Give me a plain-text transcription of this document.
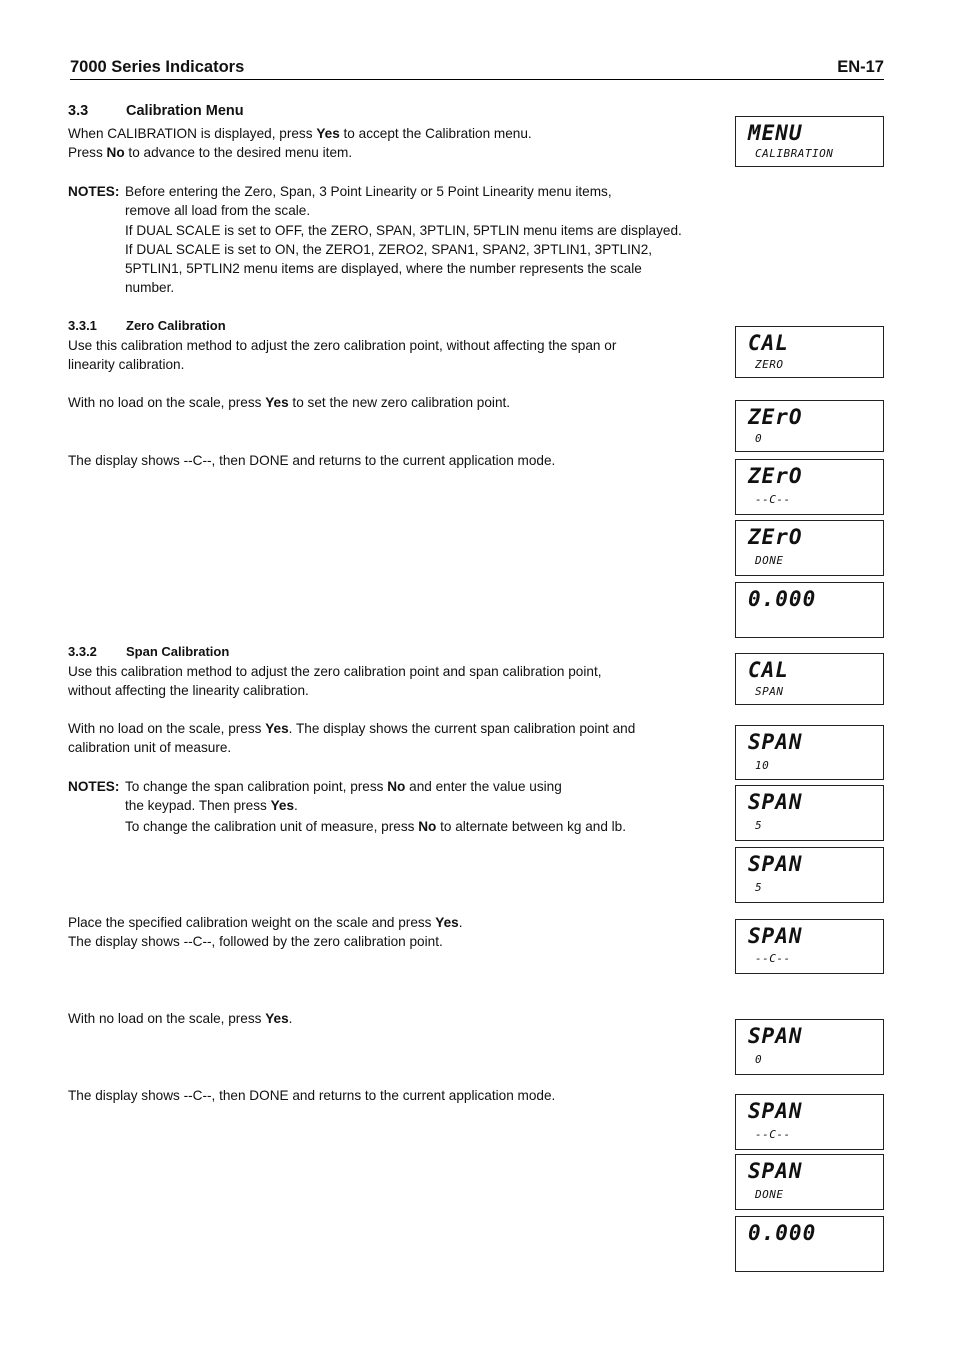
7000 Series Indicators	EN-17
3.3	Calibration Menu

When CALIBRATION is displayed, press Yes to accept the Calibration menu.
Press No to advance to the desired menu item.

NOTES: Before entering the Zero, Span, 3 Point Linearity or 5 Point Linearity menu items,
remove all load from the scale.
If DUAL SCALE is set to OFF, the ZERO, SPAN, 3PTLIN, 5PTLIN menu items are displayed.
If DUAL SCALE is set to ON, the ZERO1, ZERO2, SPAN1, SPAN2, 3PTLIN1, 3PTLIN2,
5PTLIN1, 5PTLIN2 menu items are displayed, where the number represents the scale
number.
3.3.1 Zero Calibration

Use this calibration method to adjust the zero calibration point, without affecting the span or
linearity calibration.

With no load on the scale, press Yes to set the new zero calibration point.

The display shows --C--, then DONE and returns to the current application mode.

3.3.2 Span Calibration

Use this calibration method to adjust the zero calibration point and span calibration point,
without affecting the linearity calibration.

With no load on the scale, press Yes. The display shows the current span calibration point and
calibration unit of measure.

NOTES: To change the span calibration point, press No and enter the value using
the keypad. Then press Yes.
To change the calibration unit of measure, press No to alternate between kg and lb.

Place the specified calibration weight on the scale and press Yes.
The display shows --C--, followed by the zero calibration point.

With no load on the scale, press Yes.

The display shows --C--, then DONE and returns to the current application mode.

MENU
CALIBRATION
CAL
ZERO
ZErO
0
ZErO
--C--
ZErO
DONE
0.000
CAL
SPAN
SPAN
10
SPAN
5
SPAN
5
SPAN
--C--
SPAN
0
SPAN
--C--
SPAN
DONE
0.000
